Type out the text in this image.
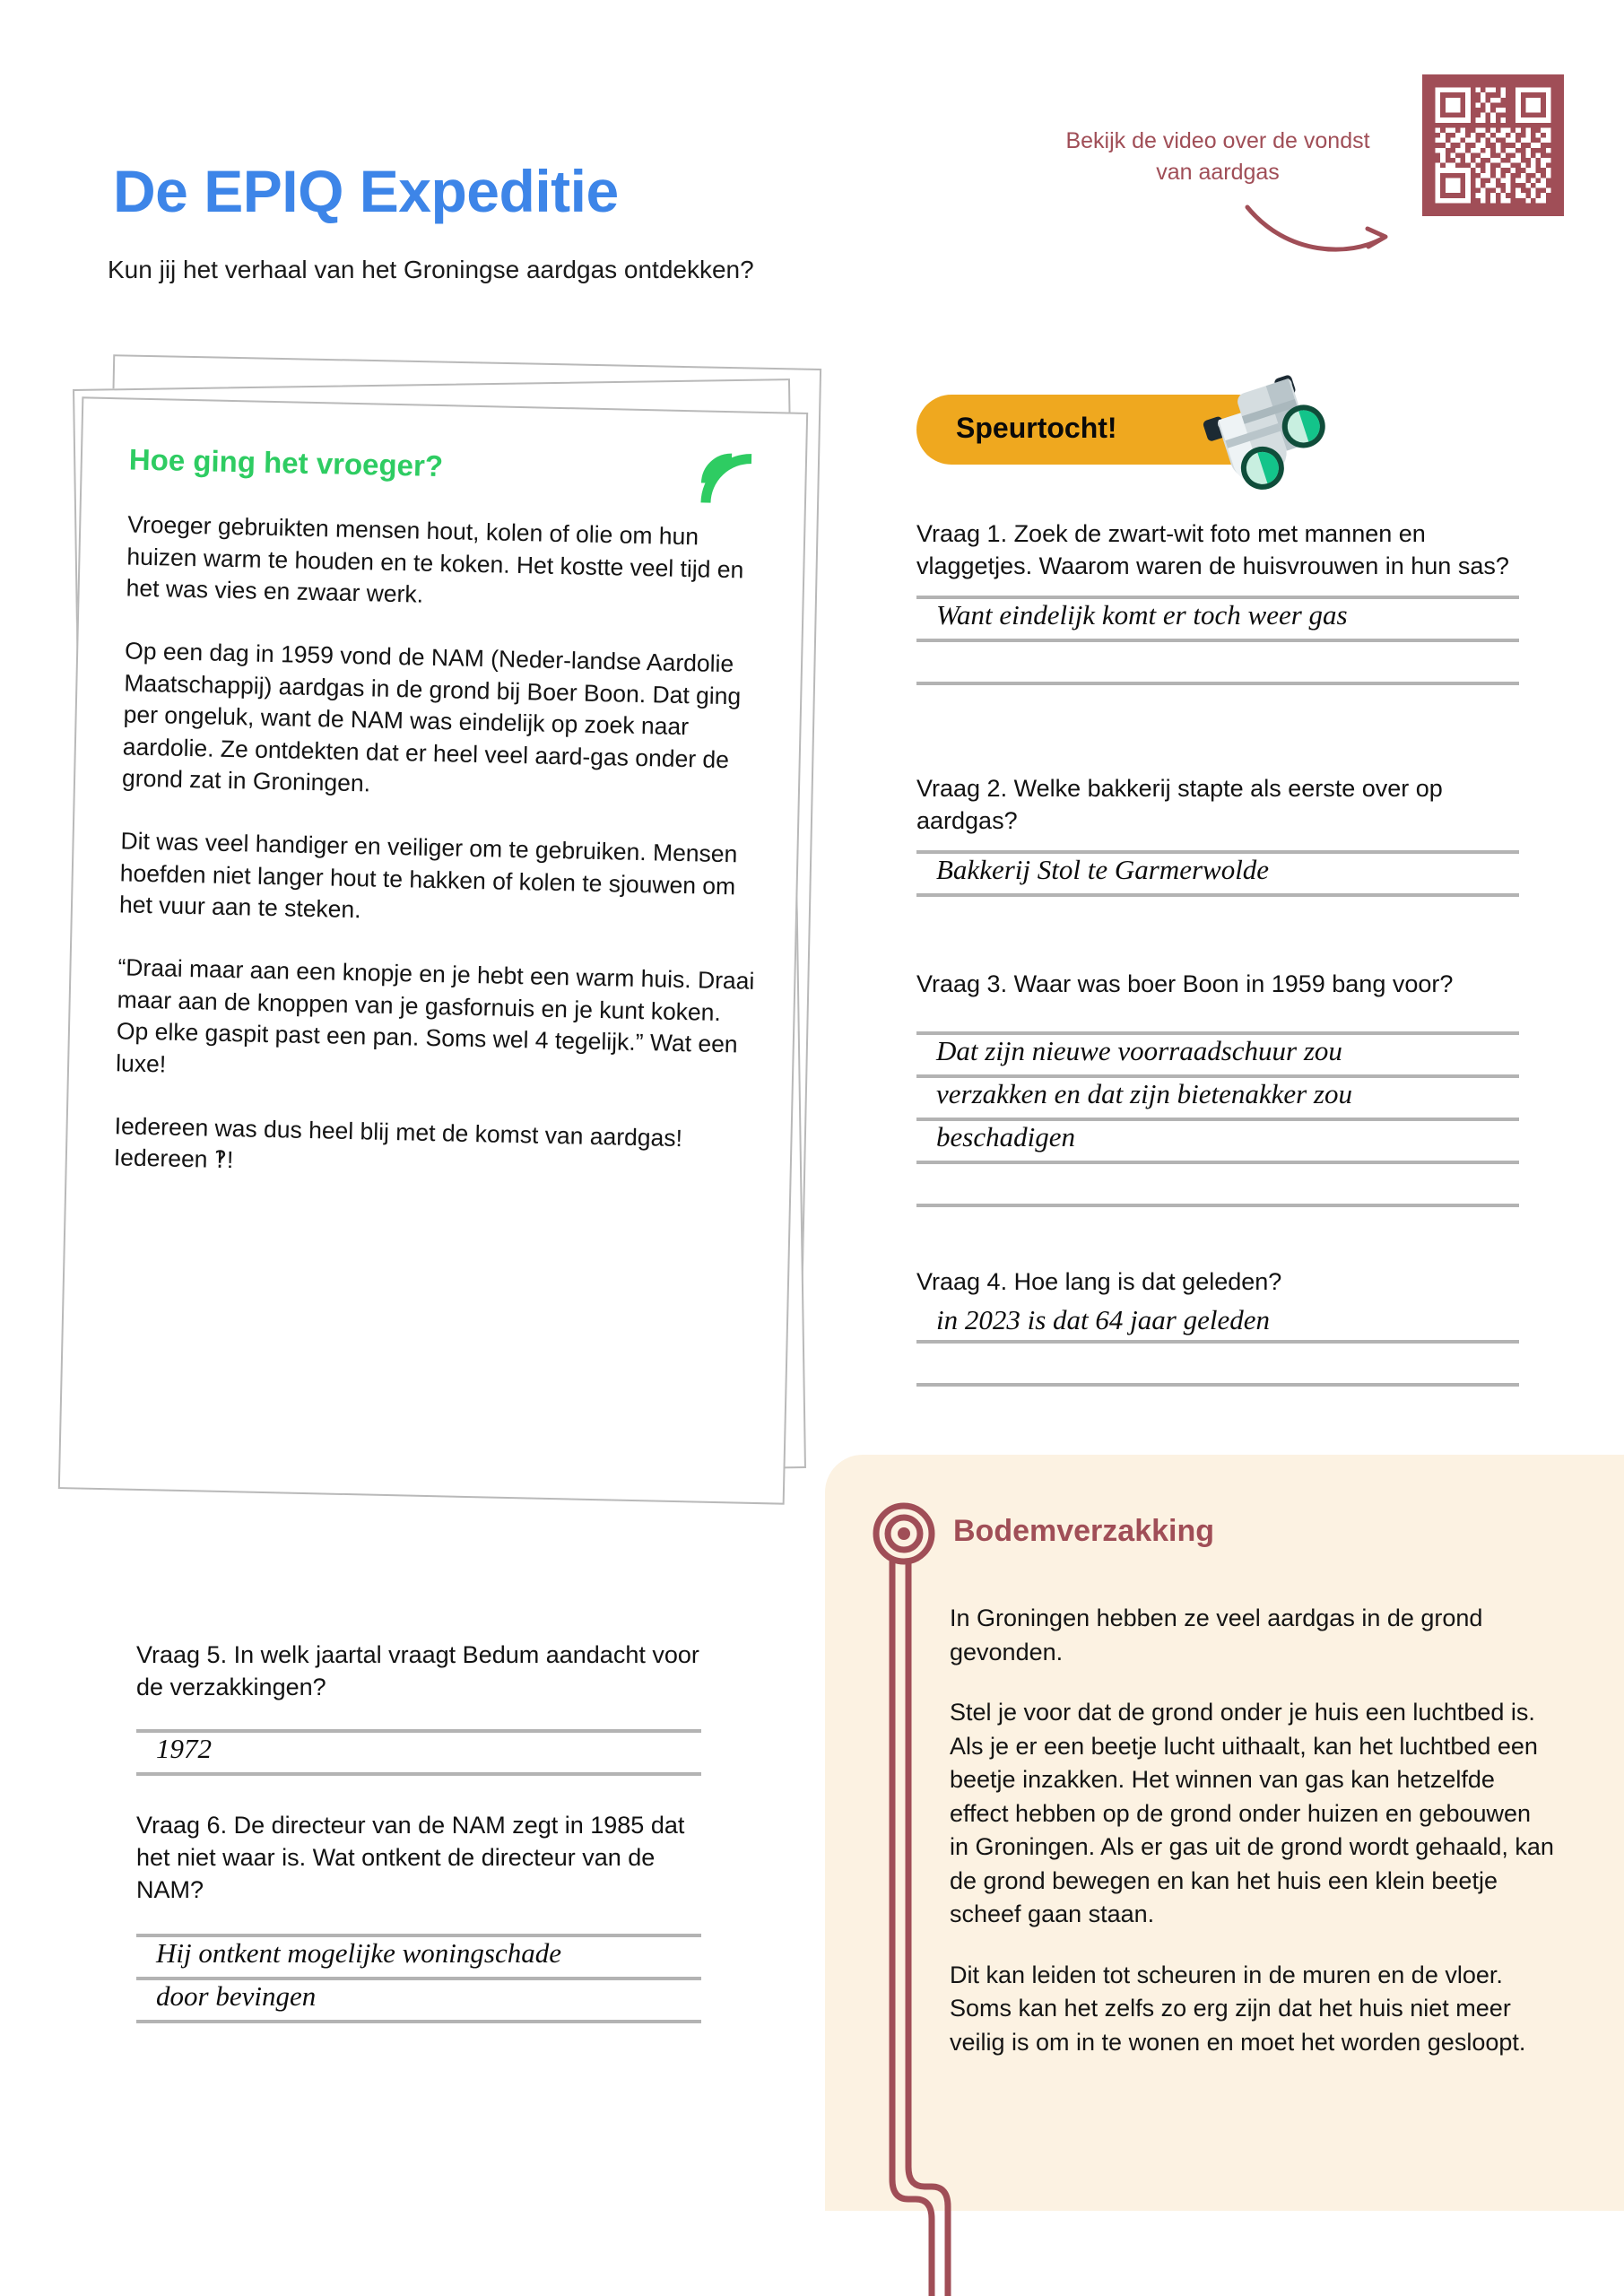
De EPIQ Expeditie
Kun jij het verhaal van het Groningse aardgas ontdekken?
Bekijk de video over de vondst van aardgas
Hoe ging het vroeger?

Vroeger gebruikten mensen hout, kolen of olie om hun huizen warm te houden en te koken. Het kostte veel tijd en het was vies en zwaar werk.

Op een dag in 1959 vond de NAM (Neder-landse Aardolie Maatschappij) aardgas in de grond bij Boer Boon. Dat ging per ongeluk, want de NAM was eindelijk op zoek naar aardolie. Ze ontdekten dat er heel veel aard-gas onder de grond zat in Groningen.

Dit was veel handiger en veiliger om te gebruiken. Mensen hoefden niet langer hout te hakken of kolen te sjouwen om het vuur aan te steken.

“Draai maar aan een knopje en je hebt een warm huis. Draai maar aan de knoppen van je gasfornuis en je kunt koken. Op elke gaspit past een pan. Soms wel 4 tegelijk.” Wat een luxe!

Iedereen was dus heel blij met de komst van aardgas! Iedereen ‽!

Speurtocht!

Vraag 1. Zoek de zwart-wit foto met mannen en vlaggetjes. Waarom waren de huisvrouwen in hun sas?

Want eindelijk komt er toch weer gas

Vraag 2. Welke bakkerij stapte als eerste over op aardgas?

Bakkerij Stol te Garmerwolde

Vraag 3. Waar was boer Boon in 1959 bang voor?

Dat zijn nieuwe voorraadschuur zou
verzakken en dat zijn bietenakker zou
beschadigen

Vraag 4. Hoe lang is dat geleden?

in 2023 is dat 64 jaar geleden

Vraag 5. In welk jaartal vraagt Bedum aandacht voor de verzakkingen?

1972

Vraag 6. De directeur van de NAM zegt in 1985 dat het niet waar is. Wat ontkent de directeur van de NAM?

Hij ontkent mogelijke woningschade
door bevingen
Bodemverzakking

In Groningen hebben ze veel aardgas in de grond gevonden.

Stel je voor dat de grond onder je huis een luchtbed is. Als je er een beetje lucht uithaalt, kan het luchtbed een beetje inzakken. Het winnen van gas kan hetzelfde effect hebben op de grond onder huizen en gebouwen in Groningen. Als er gas uit de grond wordt gehaald, kan de grond bewegen en kan het huis een klein beetje scheef gaan staan.

Dit kan leiden tot scheuren in de muren en de vloer. Soms kan het zelfs zo erg zijn dat het huis niet meer veilig is om in te wonen en moet het worden gesloopt.
